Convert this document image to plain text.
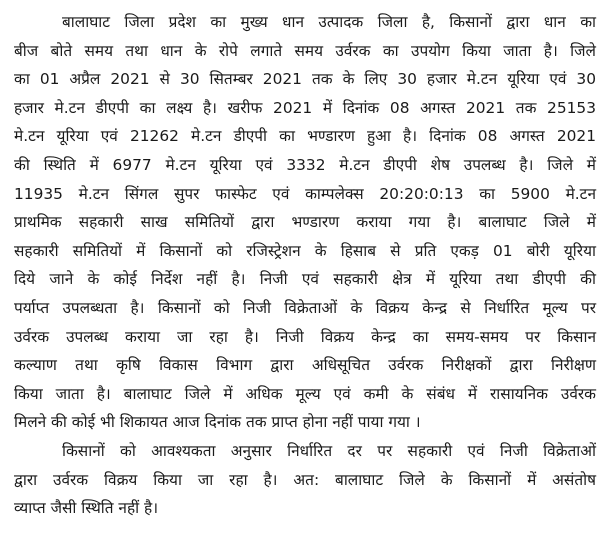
बालाघाट जिला प्रदेश का मुख्य धान उत्पादक जिला है, किसानों द्वारा धान का
बीज बोते समय तथा धान के रोपे लगाते समय उर्वरक का उपयोग किया जाता है। जिले
का 01 अप्रैल 2021 से 30 सितम्बर 2021 तक के लिए 30 हजार मे.टन यूरिया एवं 30
हजार मे.टन डीएपी का लक्ष्य है। खरीफ 2021 में दिनांक 08 अगस्त 2021 तक 25153
मे.टन यूरिया एवं 21262 मे.टन डीएपी का भण्डारण हुआ है। दिनांक 08 अगस्त 2021
की स्थिति में 6977 मे.टन यूरिया एवं 3332 मे.टन डीएपी शेष उपलब्ध है। जिले में
11935 मे.टन सिंगल सुपर फास्फेट एवं काम्पलेक्स 20:20:0:13 का 5900 मे.टन
प्राथमिक सहकारी साख समितियों द्वारा भण्डारण कराया गया है। बालाघाट जिले में
सहकारी समितियों में किसानों को रजिस्ट्रेशन के हिसाब से प्रति एकड़ 01 बोरी यूरिया
दिये जाने के कोई निर्देश नहीं है। निजी एवं सहकारी क्षेत्र में यूरिया तथा डीएपी की
पर्याप्त उपलब्धता है। किसानों को निजी विक्रेताओं के विक्रय केन्द्र से निर्धारित मूल्य पर
उर्वरक उपलब्ध कराया जा रहा है। निजी विक्रय केन्द्र का समय-समय पर किसान
कल्याण तथा कृषि विकास विभाग द्वारा अधिसूचित उर्वरक निरीक्षकों द्वारा निरीक्षण
किया जाता है। बालाघाट जिले में अधिक मूल्य एवं कमी के संबंध में रासायनिक उर्वरक
मिलने की कोई भी शिकायत आज दिनांक तक प्राप्त होना नहीं पाया गया ।

किसानों को आवश्यकता अनुसार निर्धारित दर पर सहकारी एवं निजी विक्रेताओं
द्वारा उर्वरक विक्रय किया जा रहा है। अत: बालाघाट जिले के किसानों में असंतोष
व्याप्त जैसी स्थिति नहीं है।
